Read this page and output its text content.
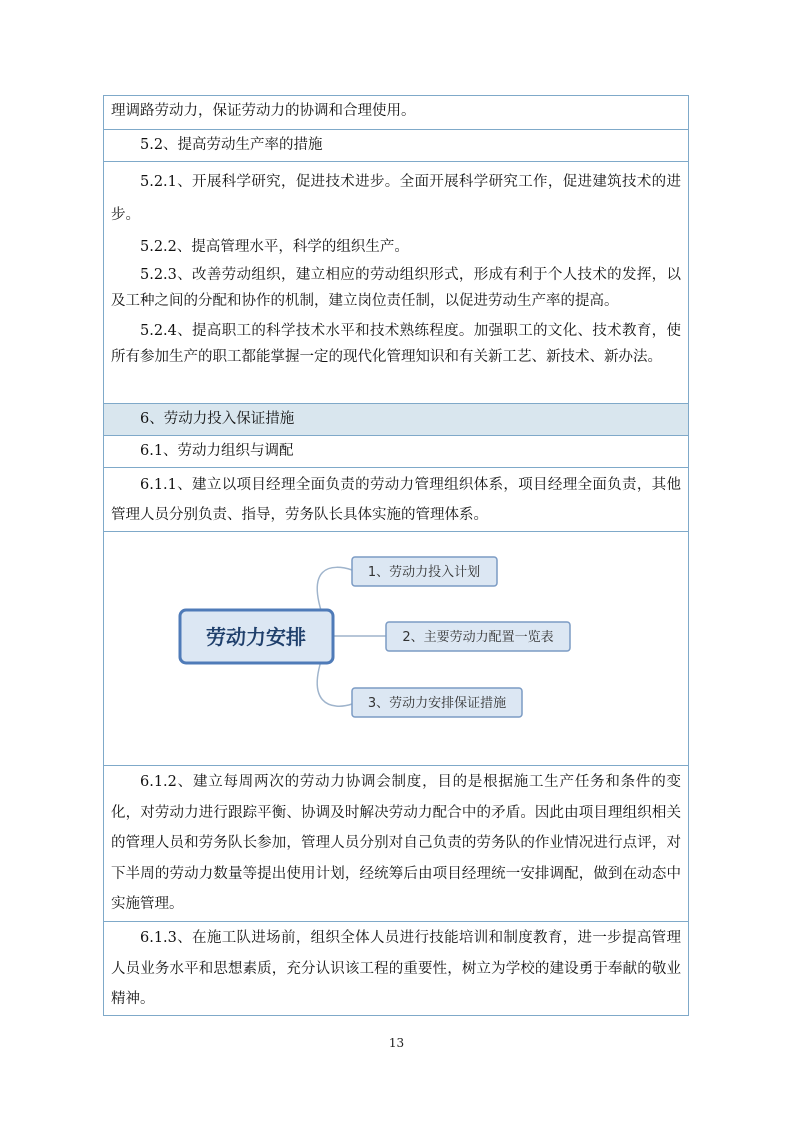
理调路劳动力，保证劳动力的协调和合理使用。

5.2、提高劳动生产率的措施

5.2.1、开展科学研究，促进技术进步。全面开展科学研究工作，促进建筑技术的进步。

5.2.2、提高管理水平，科学的组织生产。

5.2.3、改善劳动组织，建立相应的劳动组织形式，形成有利于个人技术的发挥，以及工种之间的分配和协作的机制，建立岗位责任制，以促进劳动生产率的提高。

5.2.4、提高职工的科学技术水平和技术熟练程度。加强职工的文化、技术教育，使所有参加生产的职工都能掌握一定的现代化管理知识和有关新工艺、新技术、新办法。

6、劳动力投入保证措施

6.1、劳动力组织与调配

6.1.1、建立以项目经理全面负责的劳动力管理组织体系，项目经理全面负责，其他管理人员分别负责、指导，劳务队长具体实施的管理体系。

劳动力安排
1、劳动力投入计划
2、主要劳动力配置一览表
3、劳动力安排保证措施

6.1.2、建立每周两次的劳动力协调会制度，目的是根据施工生产任务和条件的变化，对劳动力进行跟踪平衡、协调及时解决劳动力配合中的矛盾。因此由项目理组织相关的管理人员和劳务队长参加，管理人员分别对自己负责的劳务队的作业情况进行点评，对下半周的劳动力数量等提出使用计划，经统筹后由项目经理统一安排调配，做到在动态中实施管理。

6.1.3、在施工队进场前，组织全体人员进行技能培训和制度教育，进一步提高管理人员业务水平和思想素质，充分认识该工程的重要性，树立为学校的建设勇于奉献的敬业精神。

13
